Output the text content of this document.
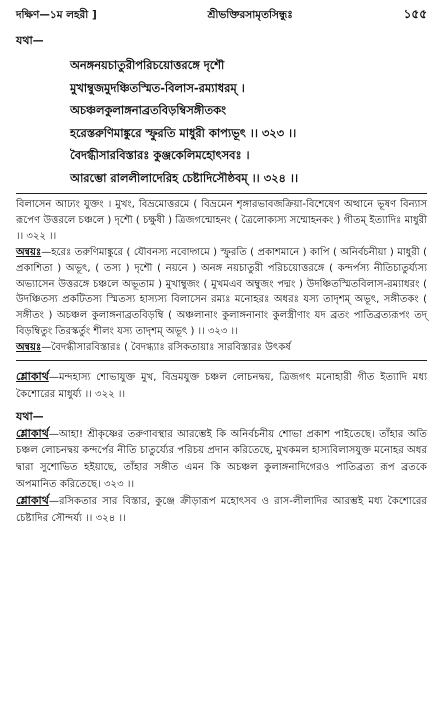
দক্ষিণ—১ম লহরী ]	শ্রীভক্তিরসামৃতসিন্ধুঃ	১৫৫
যথা—
অনঙ্গনয়চাতুরীপরিচয়োত্তরঙ্গে দৃশৌ
মুখাম্বুজমুদঞ্চিতস্মিত-বিলাস-রম্যাধরম্ ।
অচঞ্চলকুলাঙ্গনাব্রতবিড়ম্বিসঙ্গীতকং
হরেস্তরুণিমাঙ্কুরে স্ফুরতি মাধুরী কাপ্যভূৎ ।। ৩২৩ ।।
বৈদগ্ধীসারবিস্তারঃ কুঞ্জকেলিমহোৎসবঃ ।
আরম্ভো রাললীলাদেরিহ চেষ্টাদিসৌষ্ঠবম্ ।। ৩২৪ ।।

বিলাসেন আঢ্যং যুক্তং । মুখং, বিভ্রমোত্তরমে ( বিভ্রমেন শৃঙ্গারভাবজক্রিয়া-বিশেষেণ অত্থানে ভূষণ বিন্যাস রূপেণ উত্তরলে চঞ্চলে ) দৃশৌ ( চক্ষুষী ) ত্রিজগন্মোহনং ( ত্রৈলোক্যস্য সম্মোহনকং ) গীতম্ ইত্যাদিঃ মাধুরী ।। ৩২২ ।।

অন্বয়ঃ—হরেঃ তরুণিমাঙ্কুরে ( যৌবনস্য নবোদ্গমে ) স্ফুরতি ( প্রকাশমানে ) কাপি ( অনির্বচনীয়া ) মাধুরী ( প্রকাশিতা ) অভূৎ, ( তস্য ) দৃশৌ ( নয়নে ) অনঙ্গ নয়চাতুরী পরিচয়োত্তরঙ্গে ( কন্দর্পস্য নীতিচাতুর্য্যস্য অভ্যাসেন উত্তরঙ্গে চঞ্চলে অভূতাম ) মুখাম্বুজং ( মুখমএব অম্বুজং পদ্মং ) উদঞ্চিতস্মিতবিলাস-রম্যাধরং ( উদঞ্চিতস্য প্রকটিতস্য স্মিতস্য হাস্যস্য বিলাসেন রম্যঃ মনোহরঃ অধরঃ যস্য তাদৃশম্ অভূৎ, সঙ্গীতকং ( সঙ্গীতং ) অচঞ্চল কুলাঙ্গনাব্রতবিড়ম্বি ( অঞ্চলানাং কুলাঙ্গনানাং কুলস্ত্রীণাং যদ ব্রতং পাতিব্রত্যরূপং তদ্ বিড়ম্বিতুং তিরস্কর্তুং শীলং যস্য তাদৃশম্ অভূৎ ) ।। ৩২৩ ।।

অন্বয়ঃ—বৈদগ্ধীসারবিস্তারঃ ( বৈদগ্ধ্যাঃ রসিকতায়াঃ সারবিস্তারঃ উৎকর্ষ

শ্লোকার্থ—মন্দহাস্য শোভাযুক্ত মুখ, বিভ্রমযুক্ত চঞ্চল লোচনদ্বয়, ত্রিজগৎ মনোহারী গীত ইত্যাদি মধ্য কৈশোরের মাধুর্য্য ।। ৩২২ ।।

যথা—

শ্লোকার্থ—আহা! শ্রীকৃষ্ণের তরুণাবস্থার আরম্ভেই কি অনির্বচনীয় শোভা প্রকাশ পাইতেছে। তাঁহার অতি চঞ্চল লোচনদ্বয় কন্দর্পের নীতি চাতুর্য্যের পরিচয় প্রদান করিতেছে, মুখকমল হাস্যবিলাসযুক্ত মনোহর অধর দ্বারা সুশোভিত হইয়াছে, তাঁহার সঙ্গীত এমন কি অচঞ্চল কুলাঙ্গনাদিগেরও পাতিব্রত্য রূপ ব্রতকে অপমানিত করিতেছে। ৩২৩ ।।

শ্লোকার্থ—রসিকতার সার বিস্তার, কুঞ্জে ক্রীড়ারূপ মহোৎসব ও রাস-লীলাদির আরম্ভই মধ্য কৈশোরের চেষ্টাদির সৌন্দর্য্য ।। ৩২৪ ।।
